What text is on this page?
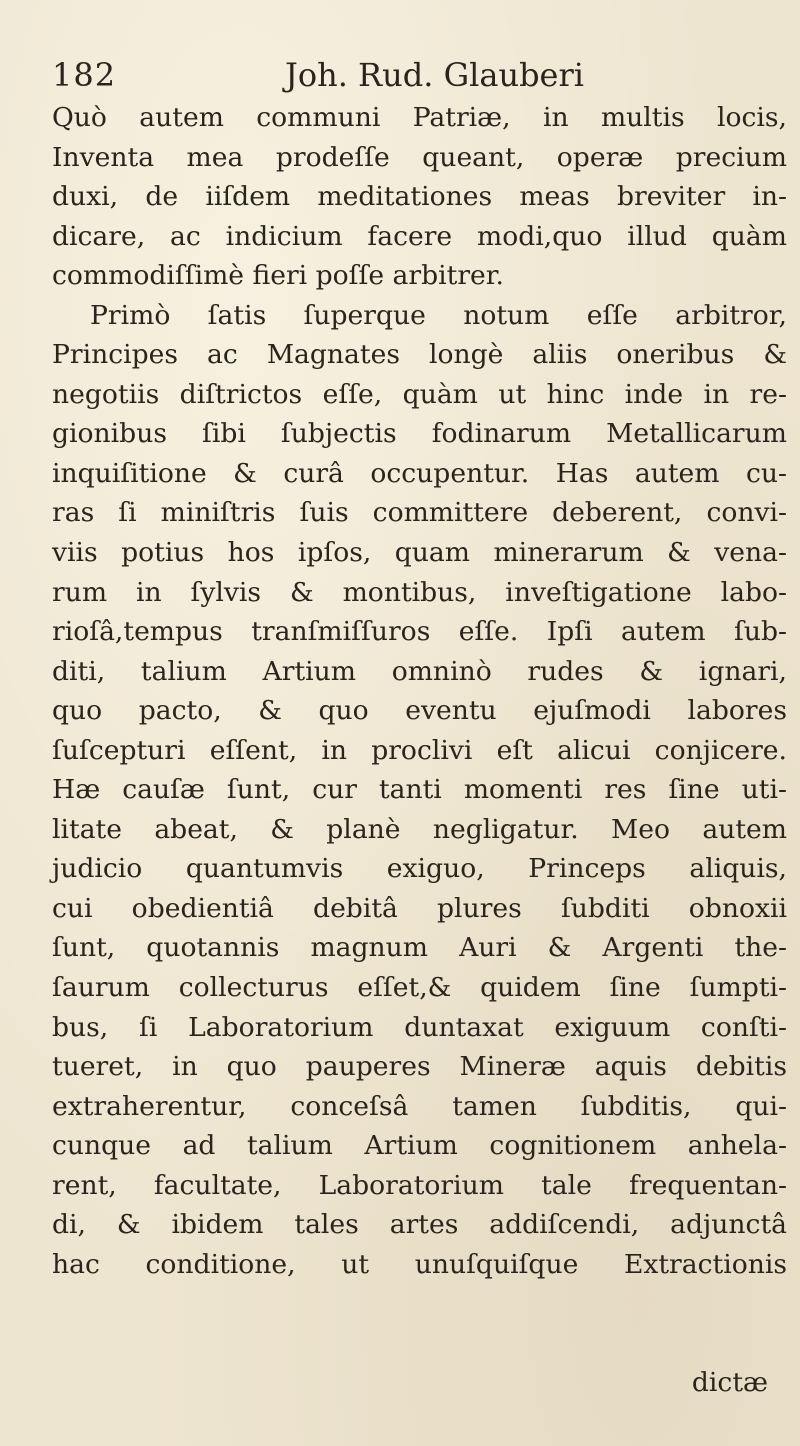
182	Joh. Rud. Glauberi
Quò autem communi Patriæ, in multis locis,
Inventa mea prodeſſe queant, operæ precium
duxi, de iiſdem meditationes meas breviter in-
dicare, ac indicium facere modi,quo illud quàm
commodiſſimè fieri poſſe arbitrer.
Primò ſatis ſuperque notum eſſe arbitror,
Principes ac Magnates longè aliis oneribus &
negotiis diſtrictos eſſe, quàm ut hinc inde in re-
gionibus ſibi ſubjectis fodinarum Metallicarum
inquiſitione & curâ occupentur. Has autem cu-
ras ſi miniſtris ſuis committere deberent, convi-
viis potius hos ipſos, quam minerarum & vena-
rum in ſylvis & montibus, inveſtigatione labo-
rioſâ,tempus tranſmiſſuros eſſe. Ipſi autem ſub-
diti, talium Artium omninò rudes & ignari,
quo pacto, & quo eventu ejuſmodi labores
ſuſcepturi eſſent, in proclivi eſt alicui conjicere.
Hæ cauſæ ſunt, cur tanti momenti res ſine uti-
litate abeat, & planè negligatur. Meo autem
judicio quantumvis exiguo, Princeps aliquis,
cui obedientiâ debitâ plures ſubditi obnoxii
ſunt, quotannis magnum Auri & Argenti the-
ſaurum collecturus eſſet,& quidem ſine ſumpti-
bus, ſi Laboratorium duntaxat exiguum conſti-
tueret, in quo pauperes Mineræ aquis debitis
extraherentur, conceſsâ tamen ſubditis, qui-
cunque ad talium Artium cognitionem anhela-
rent, facultate, Laboratorium tale frequentan-
di, & ibidem tales artes addiſcendi, adjunctâ
hac conditione, ut unuſquiſque Extractionis
dictæ
